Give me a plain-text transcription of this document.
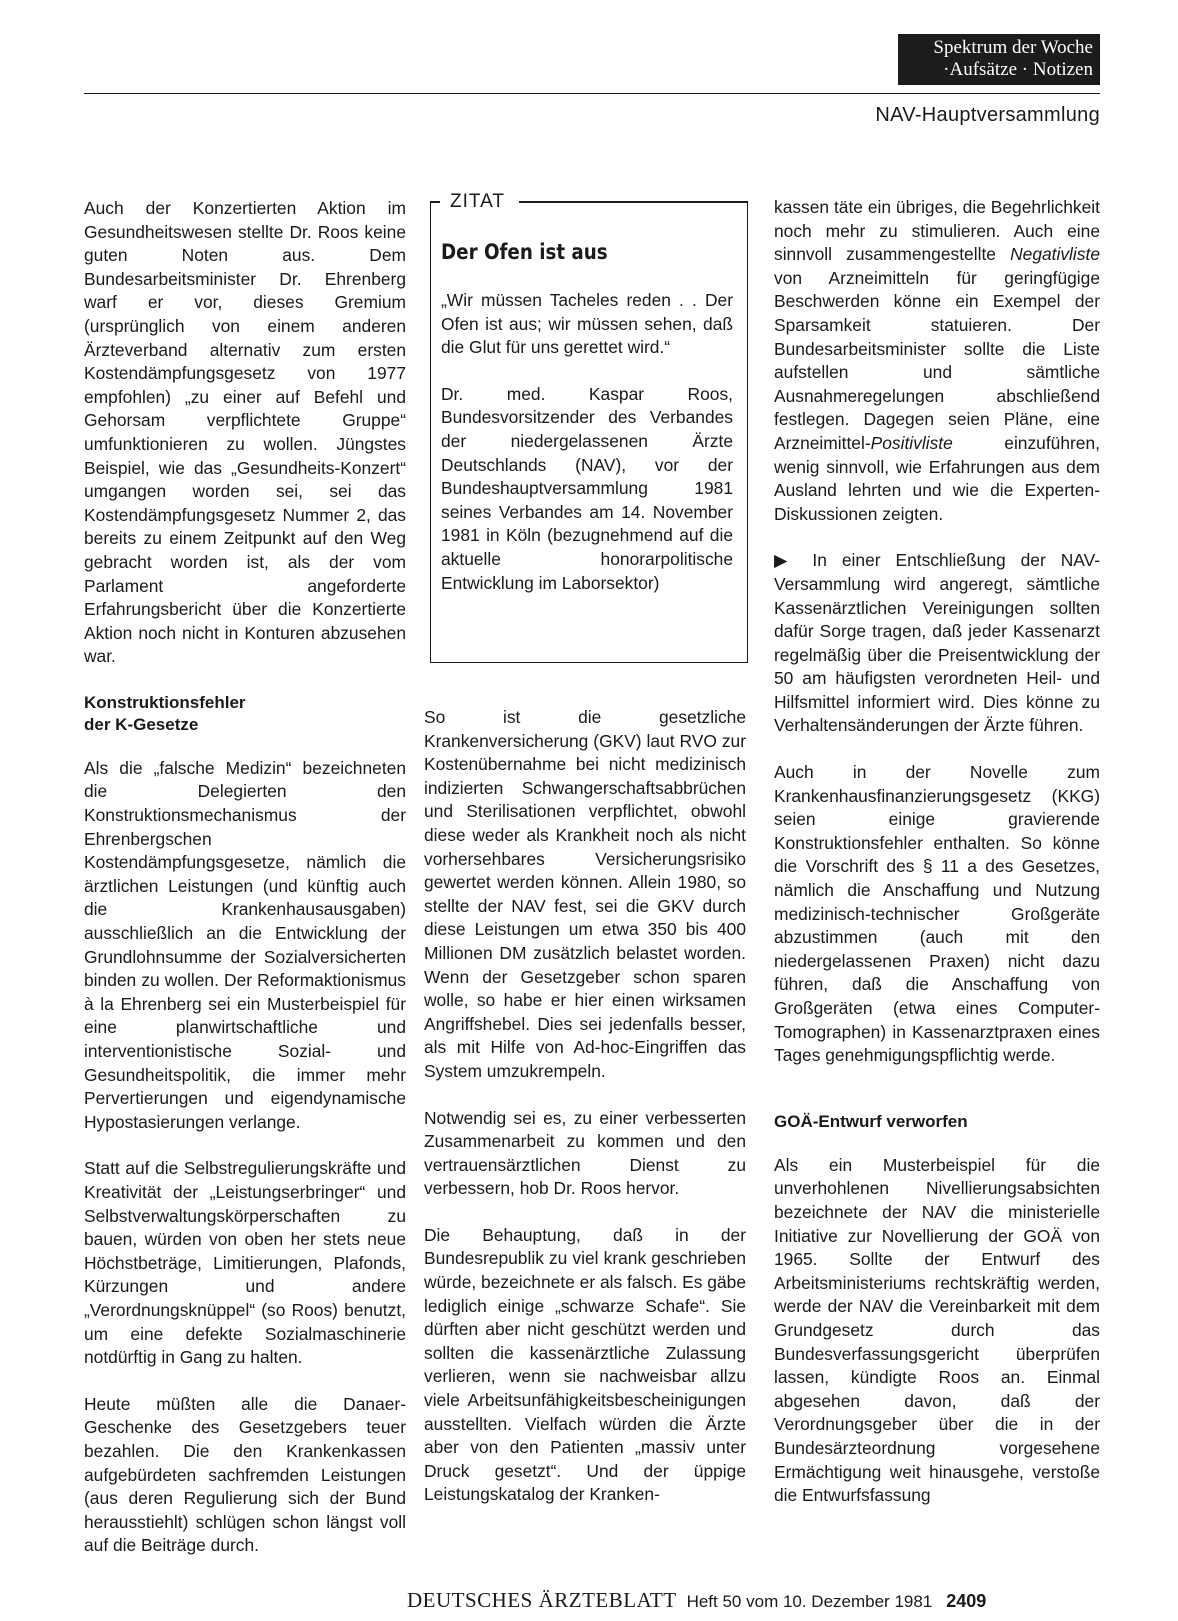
Spektrum der Woche
·Aufsätze · Notizen
NAV-Hauptversammlung

Auch der Konzertierten Aktion im Gesundheitswesen stellte Dr. Roos keine guten Noten aus. Dem Bundesarbeitsminister Dr. Ehrenberg warf er vor, dieses Gremium (ursprünglich von einem anderen Ärzteverband alternativ zum ersten Kostendämpfungsgesetz von 1977 empfohlen) „zu einer auf Befehl und Gehorsam verpflichtete Gruppe“ umfunktionieren zu wollen. Jüngstes Beispiel, wie das „Gesundheits-Konzert“ umgangen worden sei, sei das Kostendämpfungsgesetz Nummer 2, das bereits zu einem Zeitpunkt auf den Weg gebracht worden ist, als der vom Parlament angeforderte Erfahrungsbericht über die Konzertierte Aktion noch nicht in Konturen abzusehen war.

Konstruktionsfehler
der K-Gesetze

Als die „falsche Medizin“ bezeichneten die Delegierten den Konstruktionsmechanismus der Ehrenbergschen Kostendämpfungsgesetze, nämlich die ärztlichen Leistungen (und künftig auch die Krankenhausausgaben) ausschließlich an die Entwicklung der Grundlohnsumme der Sozialversicherten binden zu wollen. Der Reformaktionismus à la Ehrenberg sei ein Musterbeispiel für eine planwirtschaftliche und interventionistische Sozial- und Gesundheitspolitik, die immer mehr Pervertierungen und eigendynamische Hypostasierungen verlange.

Statt auf die Selbstregulierungskräfte und Kreativität der „Leistungserbringer“ und Selbstverwaltungskörperschaften zu bauen, würden von oben her stets neue Höchstbeträge, Limitierungen, Plafonds, Kürzungen und andere „Verordnungsknüppel“ (so Roos) benutzt, um eine defekte Sozialmaschinerie notdürftig in Gang zu halten.

Heute müßten alle die Danaer-Geschenke des Gesetzgebers teuer bezahlen. Die den Krankenkassen aufgebürdeten sachfremden Leistungen (aus deren Regulierung sich der Bund herausstiehlt) schlügen schon längst voll auf die Beiträge durch.

ZITAT
Der Ofen ist aus

„Wir müssen Tacheles reden . . Der Ofen ist aus; wir müssen sehen, daß die Glut für uns gerettet wird.“

Dr. med. Kaspar Roos, Bundesvorsitzender des Verbandes der niedergelassenen Ärzte Deutschlands (NAV), vor der Bundeshauptversammlung 1981 seines Verbandes am 14. November 1981 in Köln (bezugnehmend auf die aktuelle honorarpolitische Entwicklung im Laborsektor)

So ist die gesetzliche Krankenversicherung (GKV) laut RVO zur Kostenübernahme bei nicht medizinisch indizierten Schwangerschaftsabbrüchen und Sterilisationen verpflichtet, obwohl diese weder als Krankheit noch als nicht vorhersehbares Versicherungsrisiko gewertet werden können. Allein 1980, so stellte der NAV fest, sei die GKV durch diese Leistungen um etwa 350 bis 400 Millionen DM zusätzlich belastet worden. Wenn der Gesetzgeber schon sparen wolle, so habe er hier einen wirksamen Angriffshebel. Dies sei jedenfalls besser, als mit Hilfe von Ad-hoc-Eingriffen das System umzukrempeln.

Notwendig sei es, zu einer verbesserten Zusammenarbeit zu kommen und den vertrauensärztlichen Dienst zu verbessern, hob Dr. Roos hervor.

Die Behauptung, daß in der Bundesrepublik zu viel krank geschrieben würde, bezeichnete er als falsch. Es gäbe lediglich einige „schwarze Schafe“. Sie dürften aber nicht geschützt werden und sollten die kassenärztliche Zulassung verlieren, wenn sie nachweisbar allzu viele Arbeitsunfähigkeitsbescheinigungen ausstellten. Vielfach würden die Ärzte aber von den Patienten „massiv unter Druck gesetzt“. Und der üppige Leistungskatalog der Kranken-

kassen täte ein übriges, die Begehrlichkeit noch mehr zu stimulieren. Auch eine sinnvoll zusammengestellte Negativliste von Arzneimitteln für geringfügige Beschwerden könne ein Exempel der Sparsamkeit statuieren. Der Bundesarbeitsminister sollte die Liste aufstellen und sämtliche Ausnahmeregelungen abschließend festlegen. Dagegen seien Pläne, eine Arzneimittel-Positivliste einzuführen, wenig sinnvoll, wie Erfahrungen aus dem Ausland lehrten und wie die Experten-Diskussionen zeigten.

▶ In einer Entschließung der NAV-Versammlung wird angeregt, sämtliche Kassenärztlichen Vereinigungen sollten dafür Sorge tragen, daß jeder Kassenarzt regelmäßig über die Preisentwicklung der 50 am häufigsten verordneten Heil- und Hilfsmittel informiert wird. Dies könne zu Verhaltensänderungen der Ärzte führen.

Auch in der Novelle zum Krankenhausfinanzierungsgesetz (KKG) seien einige gravierende Konstruktionsfehler enthalten. So könne die Vorschrift des § 11 a des Gesetzes, nämlich die Anschaffung und Nutzung medizinisch-technischer Großgeräte abzustimmen (auch mit den niedergelassenen Praxen) nicht dazu führen, daß die Anschaffung von Großgeräten (etwa eines Computer-Tomographen) in Kassenarztpraxen eines Tages genehmigungspflichtig werde.

GOÄ-Entwurf verworfen

Als ein Musterbeispiel für die unverhohlenen Nivellierungsabsichten bezeichnete der NAV die ministerielle Initiative zur Novellierung der GOÄ von 1965. Sollte der Entwurf des Arbeitsministeriums rechtskräftig werden, werde der NAV die Vereinbarkeit mit dem Grundgesetz durch das Bundesverfassungsgericht überprüfen lassen, kündigte Roos an. Einmal abgesehen davon, daß der Verordnungsgeber über die in der Bundesärzteordnung vorgesehene Ermächtigung weit hinausgehe, verstoße die Entwurfsfassung

DEUTSCHES ÄRZTEBLATT Heft 50 vom 10. Dezember 1981 2409
